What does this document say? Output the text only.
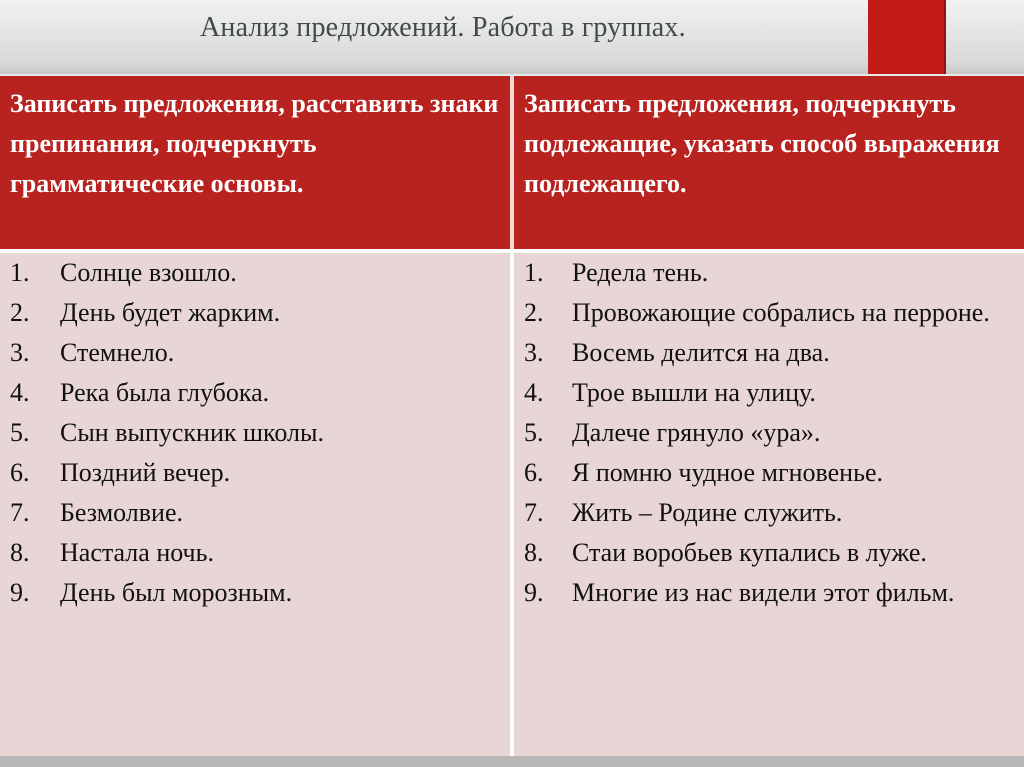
Анализ предложений. Работа в группах.
Записать предложения, расставить знаки препинания, подчеркнуть грамматические основы.
Записать предложения, подчеркнуть подлежащие, указать способ выражения подлежащего.
1. Солнце взошло.
2. День будет жарким.
3. Стемнело.
4. Река была глубока.
5. Сын выпускник школы.
6. Поздний вечер.
7. Безмолвие.
8. Настала ночь.
9. День был морозным.
1. Редела тень.
2. Провожающие собрались на перроне.
3. Восемь делится на два.
4. Трое вышли на улицу.
5. Далече грянуло «ура».
6. Я помню чудное мгновенье.
7. Жить – Родине служить.
8. Стаи воробьев купались в луже.
9. Многие из нас видели этот фильм.
